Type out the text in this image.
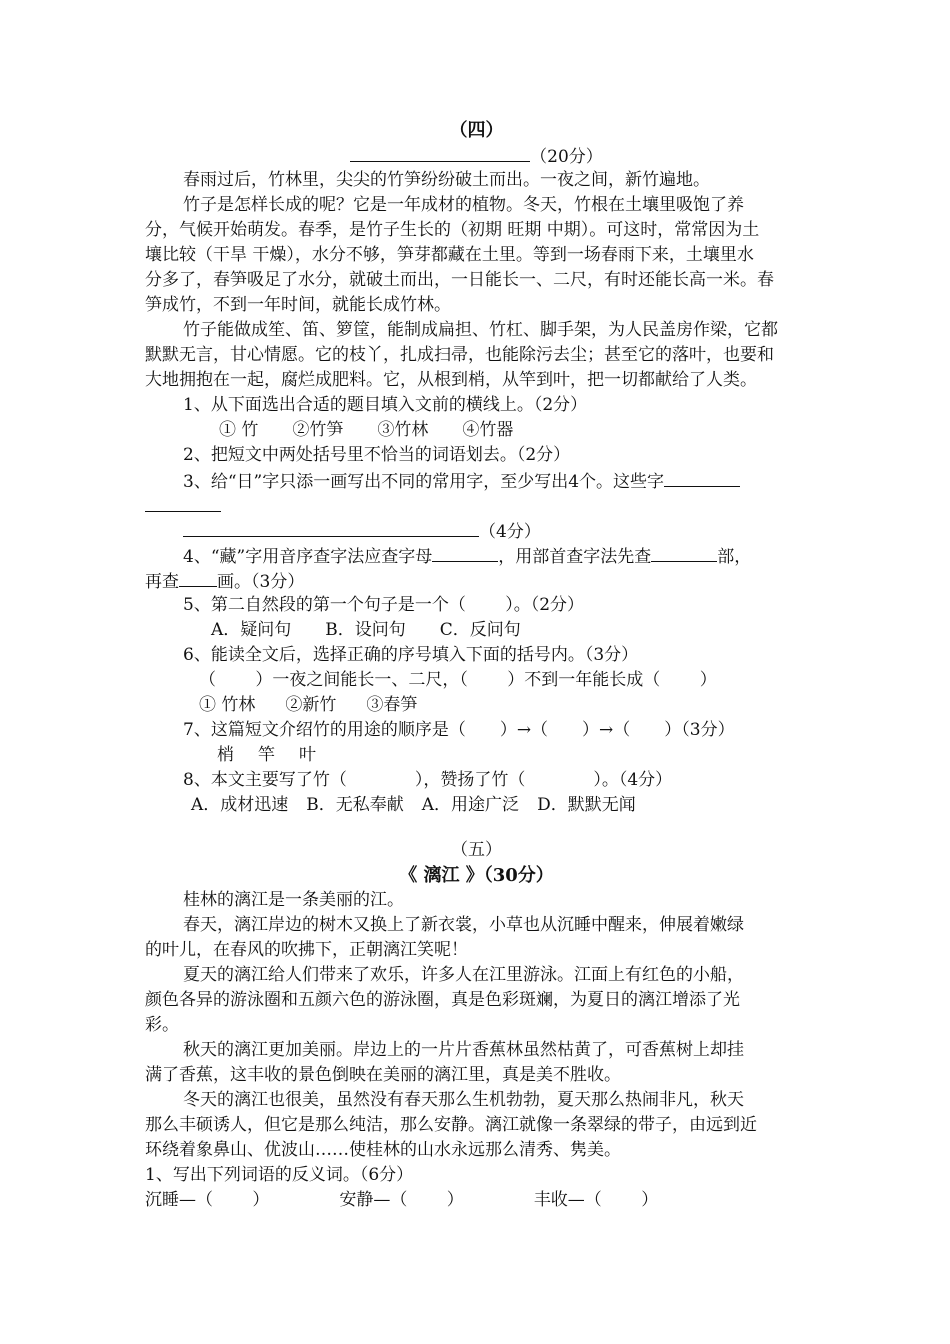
（四）
（20分）
春雨过后，竹林里，尖尖的竹笋纷纷破土而出。一夜之间，新竹遍地。
竹子是怎样长成的呢？它是一年成材的植物。冬天，竹根在土壤里吸饱了养
分，气候开始萌发。春季，是竹子生长的（初期 旺期 中期）。可这时，常常因为土
壤比较（干旱 干燥），水分不够，笋芽都藏在土里。等到一场春雨下来，土壤里水
分多了，春笋吸足了水分，就破土而出，一日能长一、二尺，有时还能长高一米。春
笋成竹，不到一年时间，就能长成竹林。
竹子能做成笙、笛、箩筐，能制成扁担、竹杠、脚手架，为人民盖房作梁，它都
默默无言，甘心情愿。它的枝丫，扎成扫帚，也能除污去尘；甚至它的落叶，也要和
大地拥抱在一起，腐烂成肥料。它，从根到梢，从竿到叶，把一切都献给了人类。
1、从下面选出合适的题目填入文前的横线上。（2分）
① 竹 ②竹笋 ③竹林 ④竹器
2、把短文中两处括号里不恰当的词语划去。（2分）
3、给“日”字只添一画写出不同的常用字，至少写出4个。这些字
（4分）
4、“藏”字用音序查字法应查字母	，用部首查字法先查	部，
再查 画。（3分）
5、第二自然段的第一个句子是一个（　　 ）。（2分）
A．疑问句 B．设问句 C．反问句
6、能读全文后，选择正确的序号填入下面的括号内。（3分）
（　　 ）一夜之间能长一、二尺，（　　 ）不到一年能长成（　　 ）
① 竹林 ②新竹 ③春笋
7、这篇短文介绍竹的用途的顺序是（　　）→（　　）→（　　）（3分）
梢 竿 叶
8、本文主要写了竹（　　　　），赞扬了竹（　　　　）。（4分）
A．成材迅速 B．无私奉献 A．用途广泛 D．默默无闻
（五）
《 漓江 》（30分）
桂林的漓江是一条美丽的江。
春天，漓江岸边的树木又换上了新衣裳，小草也从沉睡中醒来，伸展着嫩绿
的叶儿，在春风的吹拂下，正朝漓江笑呢！
夏天的漓江给人们带来了欢乐，许多人在江里游泳。江面上有红色的小船，
颜色各异的游泳圈和五颜六色的游泳圈，真是色彩斑斓，为夏日的漓江增添了光
彩。
秋天的漓江更加美丽。岸边上的一片片香蕉林虽然枯黄了，可香蕉树上却挂
满了香蕉，这丰收的景色倒映在美丽的漓江里，真是美不胜收。
冬天的漓江也很美，虽然没有春天那么生机勃勃，夏天那么热闹非凡，秋天
那么丰硕诱人，但它是那么纯洁，那么安静。漓江就像一条翠绿的带子，由远到近
环绕着象鼻山、优波山……使桂林的山水永远那么清秀、隽美。
1、写出下列词语的反义词。（6分）
沉睡—（　　 ）	安静—（　　 ）	丰收—（　　 ）
